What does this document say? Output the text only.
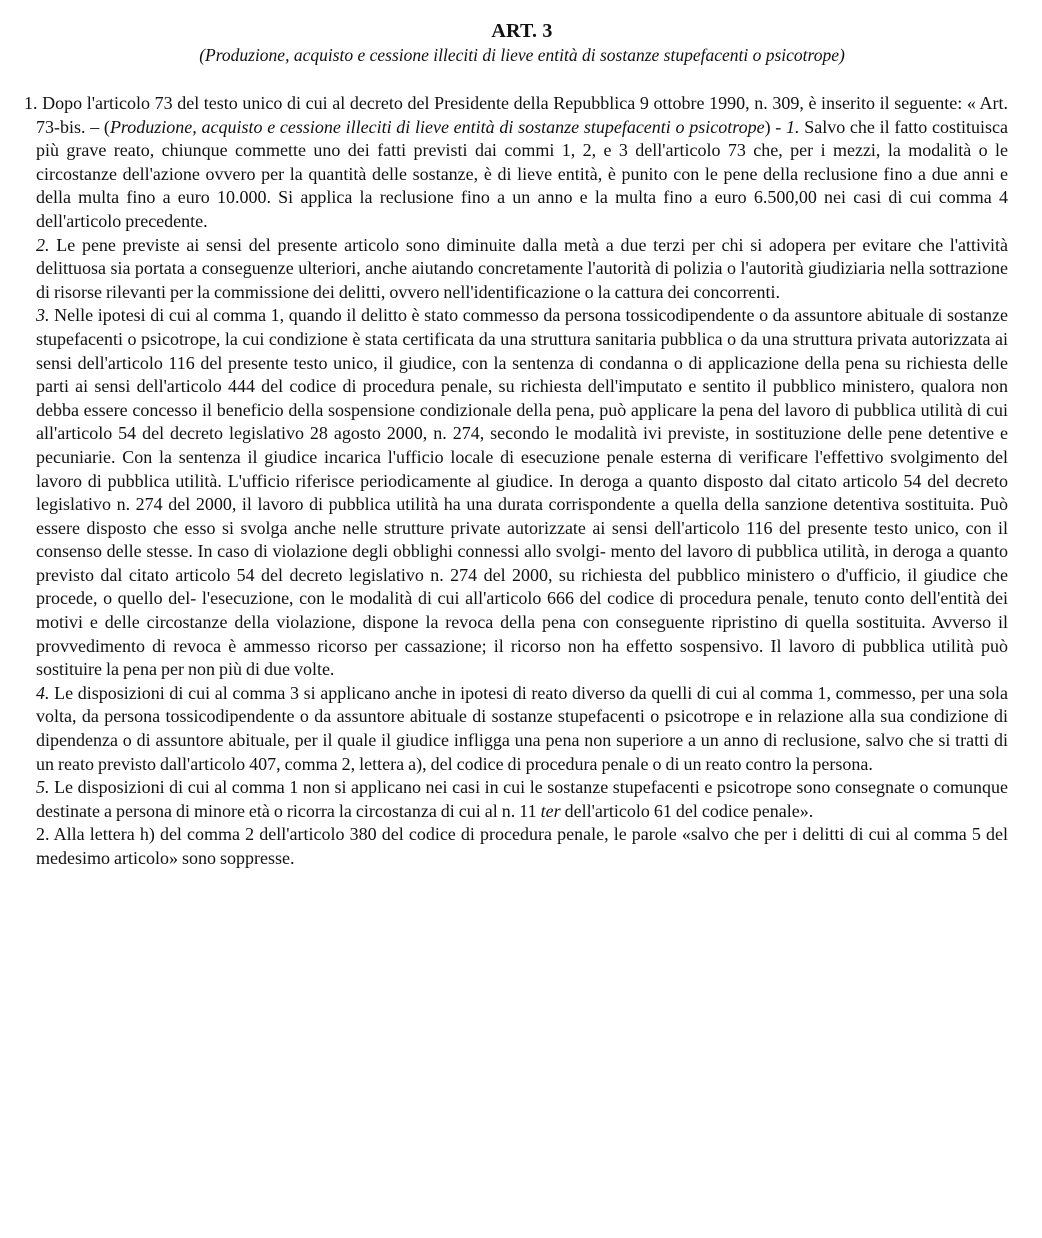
ART. 3
(Produzione, acquisto e cessione illeciti di lieve entità di sostanze stupefacenti o psicotrope)

1. Dopo l'articolo 73 del testo unico di cui al decreto del Presidente della Repubblica 9 ottobre 1990, n. 309, è inserito il seguente: « Art. 73-bis. – (Produzione, acquisto e cessione illeciti di lieve entità di sostanze stupefacenti o psicotrope) - 1. Salvo che il fatto costituisca più grave reato, chiunque commette uno dei fatti previsti dai commi 1, 2, e 3 dell'articolo 73 che, per i mezzi, la modalità o le circostanze dell'azione ovvero per la quantità delle sostanze, è di lieve entità, è punito con le pene della reclusione fino a due anni e della multa fino a euro 10.000. Si applica la reclusione fino a un anno e la multa fino a euro 6.500,00 nei casi di cui comma 4 dell'articolo precedente.

2. Le pene previste ai sensi del presente articolo sono diminuite dalla metà a due terzi per chi si adopera per evitare che l'attività delittuosa sia portata a conseguenze ulteriori, anche aiutando concretamente l'autorità di polizia o l'autorità giudiziaria nella sottrazione di risorse rilevanti per la commissione dei delitti, ovvero nell'identificazione o la cattura dei concorrenti.

3. Nelle ipotesi di cui al comma 1, quando il delitto è stato commesso da persona tossicodipendente o da assuntore abituale di sostanze stupefacenti o psicotrope, la cui condizione è stata certificata da una struttura sanitaria pubblica o da una struttura privata autorizzata ai sensi dell'articolo 116 del presente testo unico, il giudice, con la sentenza di condanna o di applicazione della pena su richiesta delle parti ai sensi dell'articolo 444 del codice di procedura penale, su richiesta dell'imputato e sentito il pubblico ministero, qualora non debba essere concesso il beneficio della sospensione condizionale della pena, può applicare la pena del lavoro di pubblica utilità di cui all'articolo 54 del decreto legislativo 28 agosto 2000, n. 274, secondo le modalità ivi previste, in sostituzione delle pene detentive e pecuniarie. Con la sentenza il giudice incarica l'ufficio locale di esecuzione penale esterna di verificare l'effettivo svolgimento del lavoro di pubblica utilità. L'ufficio riferisce periodicamente al giudice. In deroga a quanto disposto dal citato articolo 54 del decreto legislativo n. 274 del 2000, il lavoro di pubblica utilità ha una durata corrispondente a quella della sanzione detentiva sostituita. Può essere disposto che esso si svolga anche nelle strutture private autorizzate ai sensi dell'articolo 116 del presente testo unico, con il consenso delle stesse. In caso di violazione degli obblighi connessi allo svolgi- mento del lavoro di pubblica utilità, in deroga a quanto previsto dal citato articolo 54 del decreto legislativo n. 274 del 2000, su richiesta del pubblico ministero o d'ufficio, il giudice che procede, o quello del- l'esecuzione, con le modalità di cui all'articolo 666 del codice di procedura penale, tenuto conto dell'entità dei motivi e delle circostanze della violazione, dispone la revoca della pena con conseguente ripristino di quella sostituita. Avverso il provvedimento di revoca è ammesso ricorso per cassazione; il ricorso non ha effetto sospensivo. Il lavoro di pubblica utilità può sostituire la pena per non più di due volte.

4. Le disposizioni di cui al comma 3 si applicano anche in ipotesi di reato diverso da quelli di cui al comma 1, commesso, per una sola volta, da persona tossicodipendente o da assuntore abituale di sostanze stupefacenti o psicotrope e in relazione alla sua condizione di dipendenza o di assuntore abituale, per il quale il giudice infligga una pena non superiore a un anno di reclusione, salvo che si tratti di un reato previsto dall'articolo 407, comma 2, lettera a), del codice di procedura penale o di un reato contro la persona.

5. Le disposizioni di cui al comma 1 non si applicano nei casi in cui le sostanze stupefacenti e psicotrope sono consegnate o comunque destinate a persona di minore età o ricorra la circostanza di cui al n. 11 ter dell'articolo 61 del codice penale».

2. Alla lettera h) del comma 2 dell'articolo 380 del codice di procedura penale, le parole «salvo che per i delitti di cui al comma 5 del medesimo articolo» sono soppresse.
